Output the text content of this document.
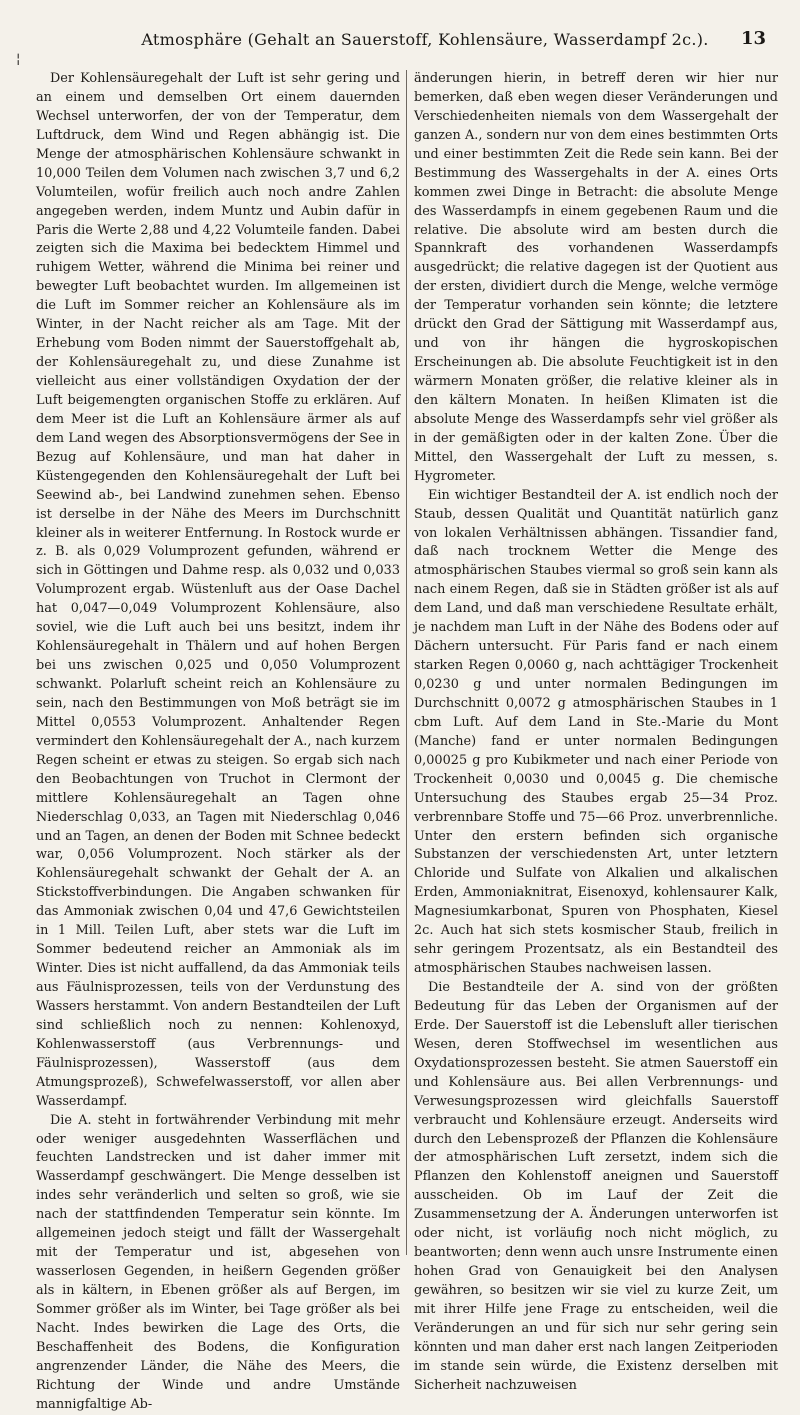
Atmosphäre (Gehalt an Sauerstoff, Kohlensäure, Wasserdampf 2c.). 13
¦

Der Kohlensäuregehalt der Luft ist sehr gering und an einem und demselben Ort einem dauernden Wechsel unterworfen, der von der Temperatur, dem Luftdruck, dem Wind und Regen abhängig ist. Die Menge der atmosphärischen Kohlensäure schwankt in 10,000 Teilen dem Volumen nach zwischen 3,7 und 6,2 Volumteilen, wofür freilich auch noch andre Zahlen angegeben werden, indem Muntz und Aubin dafür in Paris die Werte 2,88 und 4,22 Volumteile fanden. Dabei zeigten sich die Maxima bei bedecktem Himmel und ruhigem Wetter, während die Minima bei reiner und bewegter Luft beobachtet wurden. Im allgemeinen ist die Luft im Sommer reicher an Kohlensäure als im Winter, in der Nacht reicher als am Tage. Mit der Erhebung vom Boden nimmt der Sauerstoffgehalt ab, der Kohlensäuregehalt zu, und diese Zunahme ist vielleicht aus einer vollständigen Oxydation der der Luft beigemengten organischen Stoffe zu erklären. Auf dem Meer ist die Luft an Kohlensäure ärmer als auf dem Land wegen des Absorptionsvermögens der See in Bezug auf Kohlensäure, und man hat daher in Küstengegenden den Kohlensäuregehalt der Luft bei Seewind ab-, bei Landwind zunehmen sehen. Ebenso ist derselbe in der Nähe des Meers im Durchschnitt kleiner als in weiterer Entfernung. In Rostock wurde er z. B. als 0,029 Volumprozent gefunden, während er sich in Göttingen und Dahme resp. als 0,032 und 0,033 Volumprozent ergab. Wüstenluft aus der Oase Dachel hat 0,047—0,049 Volumprozent Kohlensäure, also soviel, wie die Luft auch bei uns besitzt, indem ihr Kohlensäuregehalt in Thälern und auf hohen Bergen bei uns zwischen 0,025 und 0,050 Volumprozent schwankt. Polarluft scheint reich an Kohlensäure zu sein, nach den Bestimmungen von Moß beträgt sie im Mittel 0,0553 Volumprozent. Anhaltender Regen vermindert den Kohlensäuregehalt der A., nach kurzem Regen scheint er etwas zu steigen. So ergab sich nach den Beobachtungen von Truchot in Clermont der mittlere Kohlensäuregehalt an Tagen ohne Niederschlag 0,033, an Tagen mit Niederschlag 0,046 und an Tagen, an denen der Boden mit Schnee bedeckt war, 0,056 Volumprozent. Noch stärker als der Kohlensäuregehalt schwankt der Gehalt der A. an Stickstoffverbindungen. Die Angaben schwanken für das Ammoniak zwischen 0,04 und 47,6 Gewichtsteilen in 1 Mill. Teilen Luft, aber stets war die Luft im Sommer bedeutend reicher an Ammoniak als im Winter. Dies ist nicht auffallend, da das Ammoniak teils aus Fäulnisprozessen, teils von der Verdunstung des Wassers herstammt. Von andern Bestandteilen der Luft sind schließlich noch zu nennen: Kohlenoxyd, Kohlenwasserstoff (aus Verbrennungs- und Fäulnisprozessen), Wasserstoff (aus dem Atmungsprozeß), Schwefelwasserstoff, vor allen aber Wasserdampf.

Die A. steht in fortwährender Verbindung mit mehr oder weniger ausgedehnten Wasserflächen und feuchten Landstrecken und ist daher immer mit Wasserdampf geschwängert. Die Menge desselben ist indes sehr veränderlich und selten so groß, wie sie nach der stattfindenden Temperatur sein könnte. Im allgemeinen jedoch steigt und fällt der Wassergehalt mit der Temperatur und ist, abgesehen von wasserlosen Gegenden, in heißern Gegenden größer als in kältern, in Ebenen größer als auf Bergen, im Sommer größer als im Winter, bei Tage größer als bei Nacht. Indes bewirken die Lage des Orts, die Beschaffenheit des Bodens, die Konfiguration angrenzender Länder, die Nähe des Meers, die Richtung der Winde und andre Umstände mannigfaltige Ab-

änderungen hierin, in betreff deren wir hier nur bemerken, daß eben wegen dieser Veränderungen und Verschiedenheiten niemals von dem Wassergehalt der ganzen A., sondern nur von dem eines bestimmten Orts und einer bestimmten Zeit die Rede sein kann. Bei der Bestimmung des Wassergehalts in der A. eines Orts kommen zwei Dinge in Betracht: die absolute Menge des Wasserdampfs in einem gegebenen Raum und die relative. Die absolute wird am besten durch die Spannkraft des vorhandenen Wasserdampfs ausgedrückt; die relative dagegen ist der Quotient aus der ersten, dividiert durch die Menge, welche vermöge der Temperatur vorhanden sein könnte; die letztere drückt den Grad der Sättigung mit Wasserdampf aus, und von ihr hängen die hygroskopischen Erscheinungen ab. Die absolute Feuchtigkeit ist in den wärmern Monaten größer, die relative kleiner als in den kältern Monaten. In heißen Klimaten ist die absolute Menge des Wasserdampfs sehr viel größer als in der gemäßigten oder in der kalten Zone. Über die Mittel, den Wassergehalt der Luft zu messen, s. Hygrometer.

Ein wichtiger Bestandteil der A. ist endlich noch der Staub, dessen Qualität und Quantität natürlich ganz von lokalen Verhältnissen abhängen. Tissandier fand, daß nach trocknem Wetter die Menge des atmosphärischen Staubes viermal so groß sein kann als nach einem Regen, daß sie in Städten größer ist als auf dem Land, und daß man verschiedene Resultate erhält, je nachdem man Luft in der Nähe des Bodens oder auf Dächern untersucht. Für Paris fand er nach einem starken Regen 0,0060 g, nach achttägiger Trockenheit 0,0230 g und unter normalen Bedingungen im Durchschnitt 0,0072 g atmosphärischen Staubes in 1 cbm Luft. Auf dem Land in Ste.-Marie du Mont (Manche) fand er unter normalen Bedingungen 0,00025 g pro Kubikmeter und nach einer Periode von Trockenheit 0,0030 und 0,0045 g. Die chemische Untersuchung des Staubes ergab 25—34 Proz. verbrennbare Stoffe und 75—66 Proz. unverbrennliche. Unter den erstern befinden sich organische Substanzen der verschiedensten Art, unter letztern Chloride und Sulfate von Alkalien und alkalischen Erden, Ammoniaknitrat, Eisenoxyd, kohlensaurer Kalk, Magnesiumkarbonat, Spuren von Phosphaten, Kiesel 2c. Auch hat sich stets kosmischer Staub, freilich in sehr geringem Prozentsatz, als ein Bestandteil des atmosphärischen Staubes nachweisen lassen.

Die Bestandteile der A. sind von der größten Bedeutung für das Leben der Organismen auf der Erde. Der Sauerstoff ist die Lebensluft aller tierischen Wesen, deren Stoffwechsel im wesentlichen aus Oxydationsprozessen besteht. Sie atmen Sauerstoff ein und Kohlensäure aus. Bei allen Verbrennungs- und Verwesungsprozessen wird gleichfalls Sauerstoff verbraucht und Kohlensäure erzeugt. Anderseits wird durch den Lebensprozeß der Pflanzen die Kohlensäure der atmosphärischen Luft zersetzt, indem sich die Pflanzen den Kohlenstoff aneignen und Sauerstoff ausscheiden. Ob im Lauf der Zeit die Zusammensetzung der A. Änderungen unterworfen ist oder nicht, ist vorläufig noch nicht möglich, zu beantworten; denn wenn auch unsre Instrumente einen hohen Grad von Genauigkeit bei den Analysen gewähren, so besitzen wir sie viel zu kurze Zeit, um mit ihrer Hilfe jene Frage zu entscheiden, weil die Veränderungen an und für sich nur sehr gering sein könnten und man daher erst nach langen Zeitperioden im stande sein würde, die Existenz derselben mit Sicherheit nachzuweisen
